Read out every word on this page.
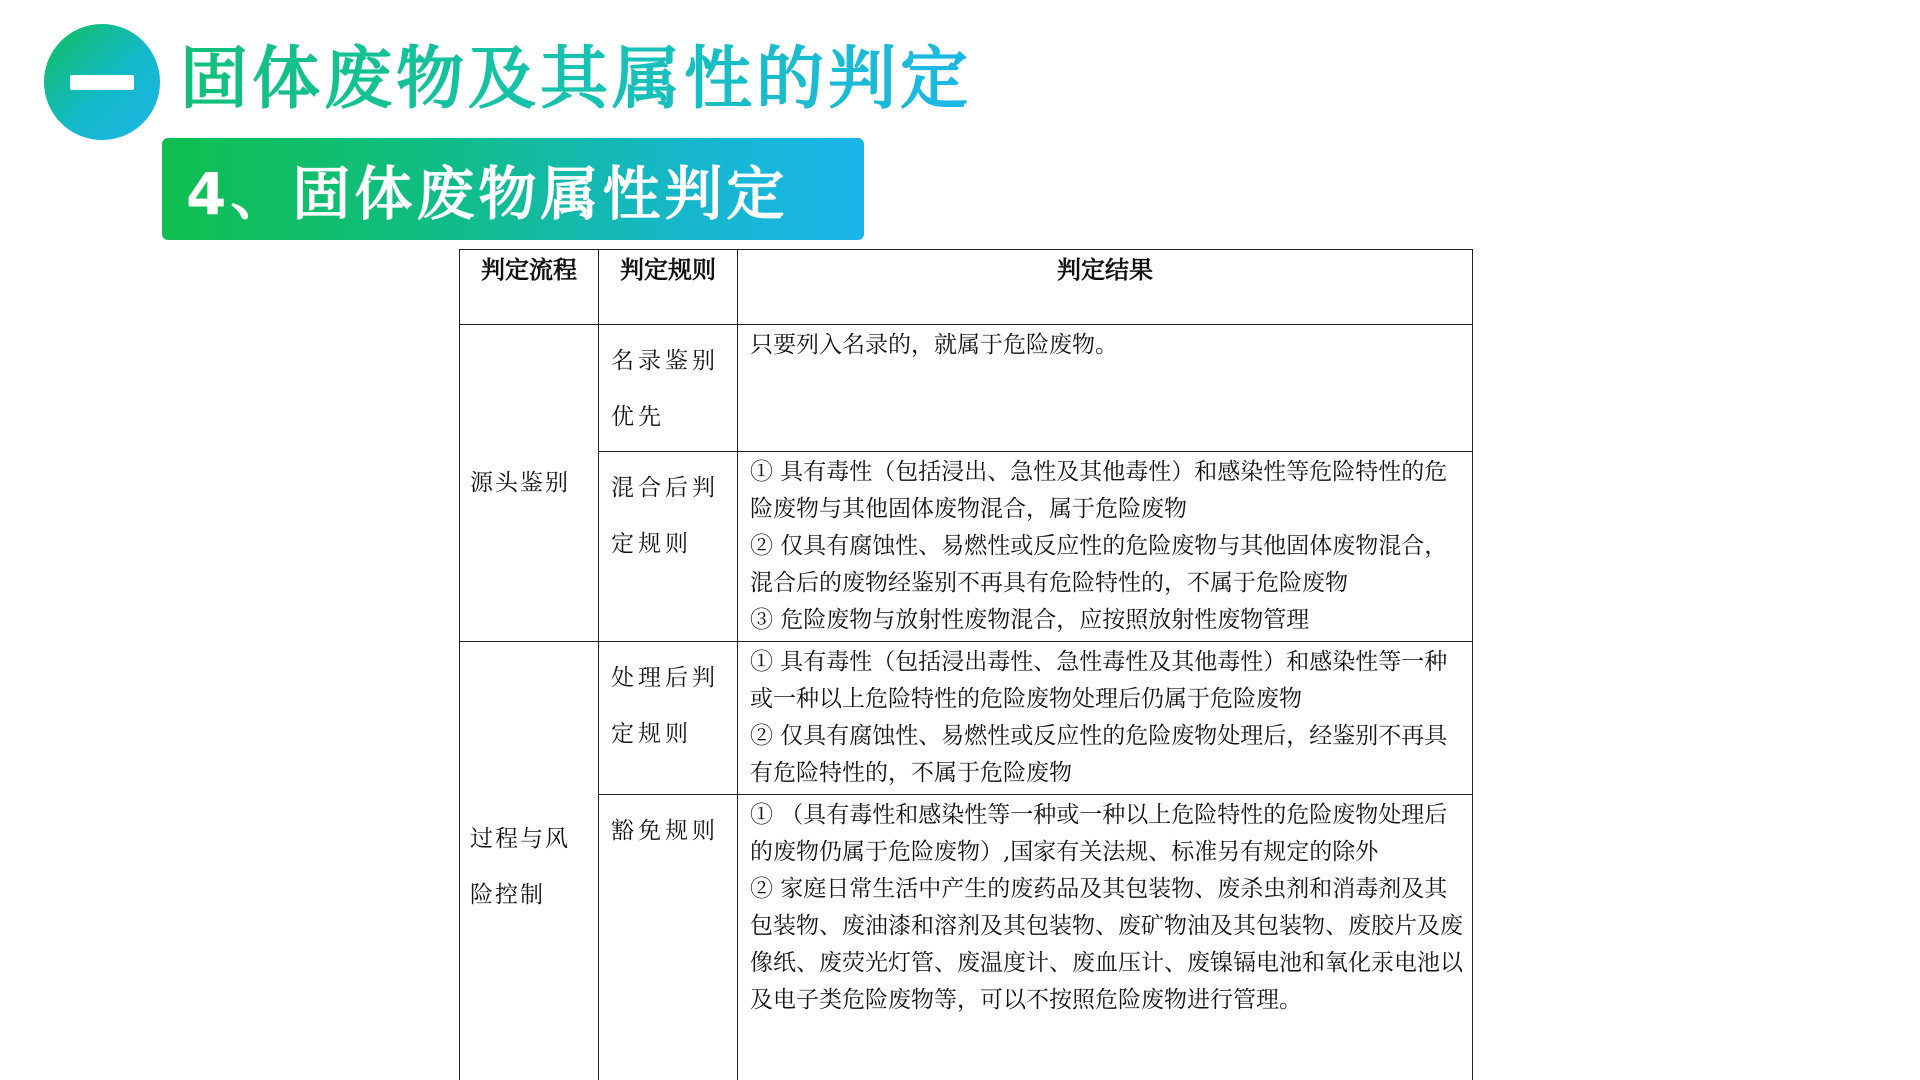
固体废物及其属性的判定
4、固体废物属性判定
判定流程	判定规则	判定结果
源头鉴别	名录鉴别优先	只要列入名录的，就属于危险废物。

	混合后判定规则	① 具有毒性（包括浸出、急性及其他毒性）和感染性等危险特性的危险废物与其他固体废物混合，属于危险废物
② 仅具有腐蚀性、易燃性或反应性的危险废物与其他固体废物混合，混合后的废物经鉴别不再具有危险特性的，不属于危险废物
③ 危险废物与放射性废物混合，应按照放射性废物管理

过程与风险控制	处理后判定规则	① 具有毒性（包括浸出毒性、急性毒性及其他毒性）和感染性等一种或一种以上危险特性的危险废物处理后仍属于危险废物
② 仅具有腐蚀性、易燃性或反应性的危险废物处理后，经鉴别不再具有危险特性的，不属于危险废物

	豁免规则	① （具有毒性和感染性等一种或一种以上危险特性的危险废物处理后的废物仍属于危险废物）,国家有关法规、标准另有规定的除外
② 家庭日常生活中产生的废药品及其包装物、废杀虫剂和消毒剂及其包装物、废油漆和溶剂及其包装物、废矿物油及其包装物、废胶片及废像纸、废荧光灯管、废温度计、废血压计、废镍镉电池和氧化汞电池以及电子类危险废物等，可以不按照危险废物进行管理。
